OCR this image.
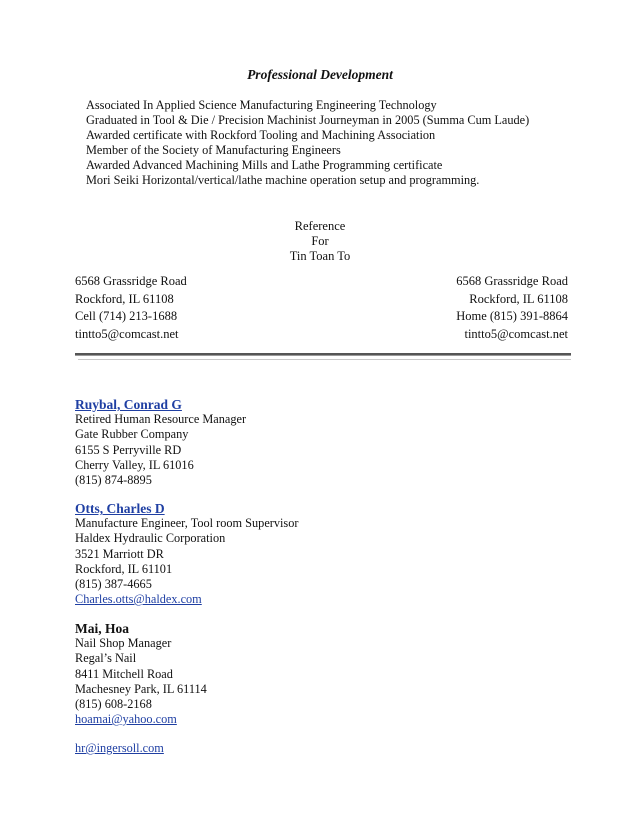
Professional Development
Associated In Applied Science Manufacturing Engineering Technology
Graduated in Tool & Die / Precision Machinist Journeyman in 2005 (Summa Cum Laude)
Awarded certificate with Rockford Tooling and Machining Association
Member of the Society of Manufacturing Engineers
Awarded Advanced Machining Mills and Lathe Programming certificate
Mori Seiki Horizontal/vertical/lathe machine operation setup and programming.
Reference
For
Tin Toan To
6568 Grassridge Road
Rockford, IL 61108
Cell (714) 213-1688
tintto5@comcast.net
6568 Grassridge Road
Rockford, IL 61108
Home (815) 391-8864
tintto5@comcast.net
Ruybal, Conrad G
Retired Human Resource Manager
Gate Rubber Company
6155 S Perryville RD
Cherry Valley, IL 61016
(815) 874-8895
Otts, Charles D
Manufacture Engineer, Tool room Supervisor
Haldex Hydraulic Corporation
3521 Marriott DR
Rockford, IL 61101
(815) 387-4665
Charles.otts@haldex.com
Mai, Hoa
Nail Shop Manager
Regal’s Nail
8411 Mitchell Road
Machesney Park, IL 61114
(815) 608-2168
hoamai@yahoo.com
hr@ingersoll.com
